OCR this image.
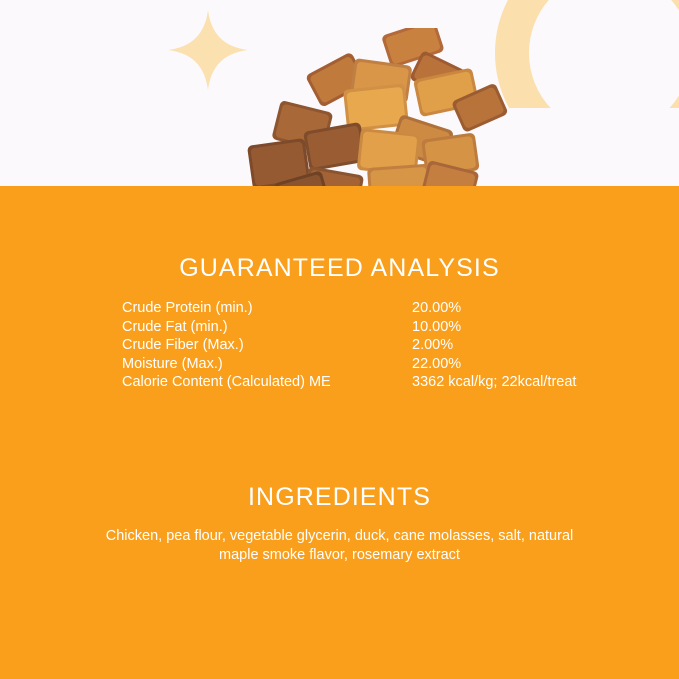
GUARANTEED ANALYSIS
Crude Protein (min.)	20.00%
Crude Fat (min.)	10.00%
Crude Fiber (Max.)	2.00%
Moisture (Max.)	22.00%
Calorie Content (Calculated) ME	3362 kcal/kg; 22kcal/treat
INGREDIENTS
Chicken, pea flour, vegetable glycerin, duck, cane molasses, salt, natural maple smoke flavor, rosemary extract
